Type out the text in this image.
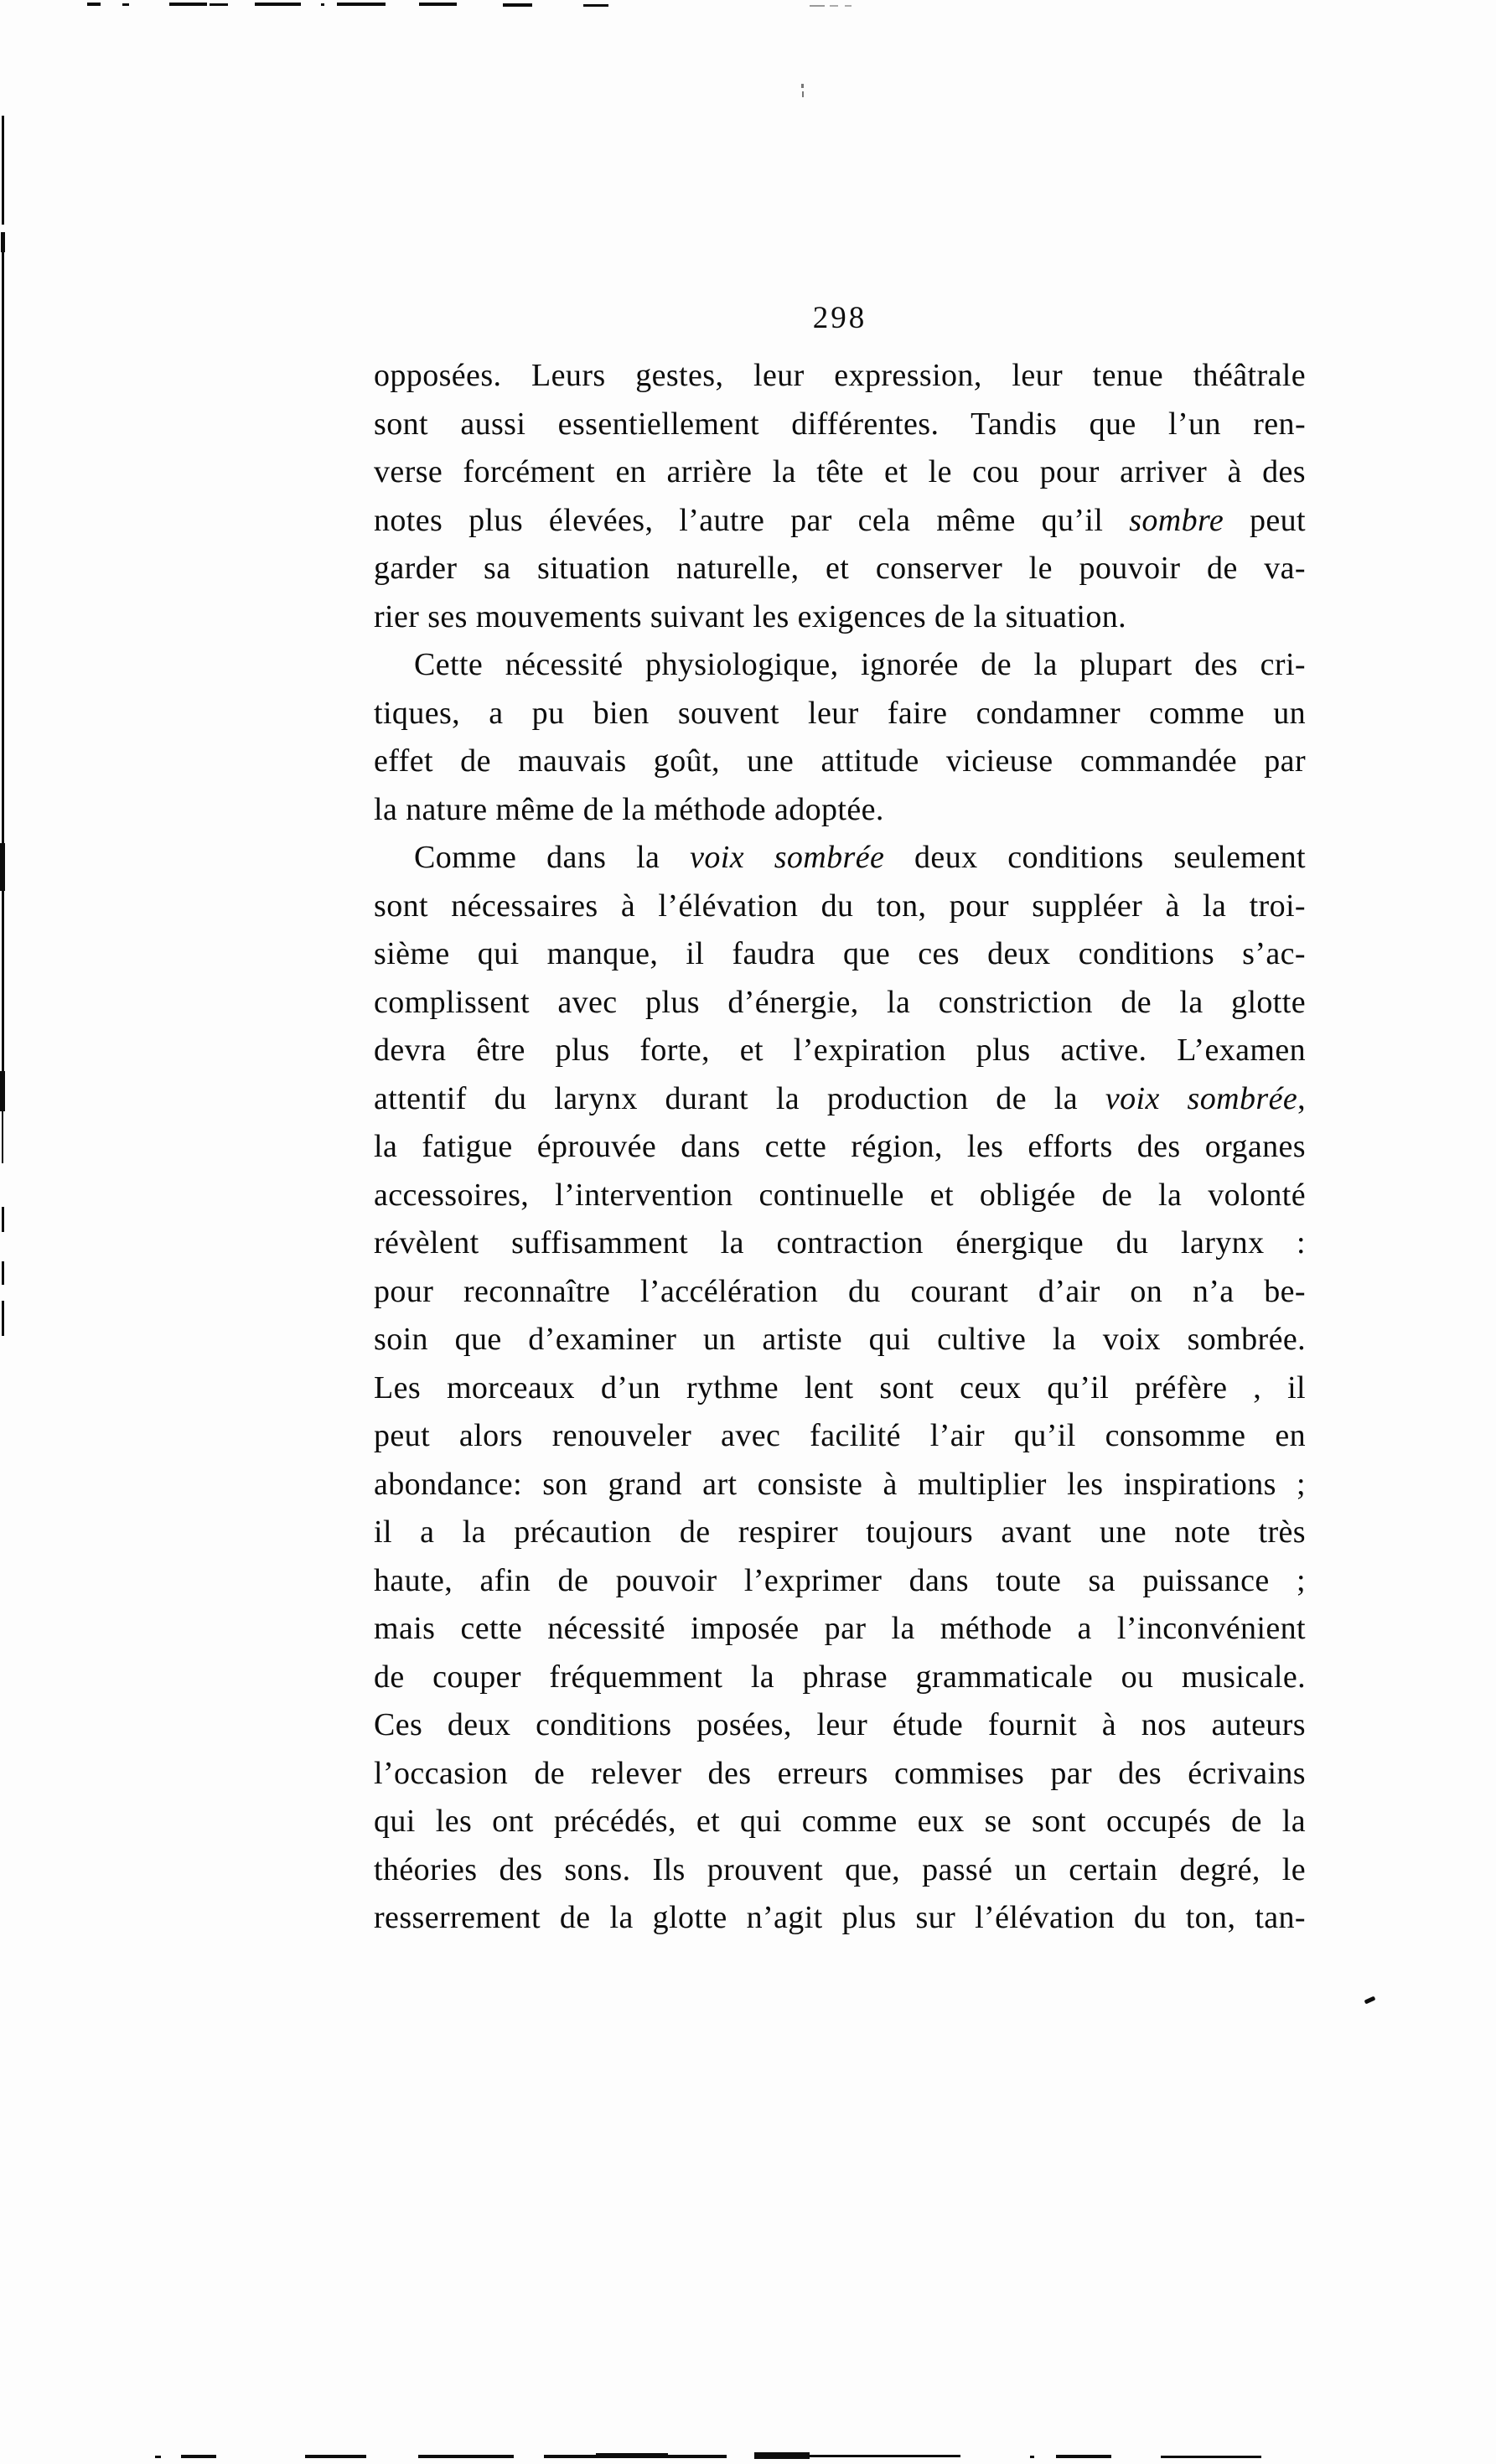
298
opposées. Leurs gestes, leur expression, leur tenue théâtrale
sont aussi essentiellement différentes. Tandis que l’un ren-
verse forcément en arrière la tête et le cou pour arriver à des
notes plus élevées, l’autre par cela même qu’il sombre peut
garder sa situation naturelle, et conserver le pouvoir de va-
rier ses mouvements suivant les exigences de la situation.
Cette nécessité physiologique, ignorée de la plupart des cri-
tiques, a pu bien souvent leur faire condamner comme un
effet de mauvais goût, une attitude vicieuse commandée par
la nature même de la méthode adoptée.
Comme dans la voix sombrée deux conditions seulement
sont nécessaires à l’élévation du ton, pour suppléer à la troi-
sième qui manque, il faudra que ces deux conditions s’ac-
complissent avec plus d’énergie, la constriction de la glotte
devra être plus forte, et l’expiration plus active. L’examen
attentif du larynx durant la production de la voix sombrée,
la fatigue éprouvée dans cette région, les efforts des organes
accessoires, l’intervention continuelle et obligée de la volonté
révèlent suffisamment la contraction énergique du larynx :
pour reconnaître l’accélération du courant d’air on n’a be-
soin que d’examiner un artiste qui cultive la voix sombrée.
Les morceaux d’un rythme lent sont ceux qu’il préfère , il
peut alors renouveler avec facilité l’air qu’il consomme en
abondance: son grand art consiste à multiplier les inspirations ;
il a la précaution de respirer toujours avant une note très
haute, afin de pouvoir l’exprimer dans toute sa puissance ;
mais cette nécessité imposée par la méthode a l’inconvénient
de couper fréquemment la phrase grammaticale ou musicale.
Ces deux conditions posées, leur étude fournit à nos auteurs
l’occasion de relever des erreurs commises par des écrivains
qui les ont précédés, et qui comme eux se sont occupés de la
théories des sons. Ils prouvent que, passé un certain degré, le
resserrement de la glotte n’agit plus sur l’élévation du ton, tan-
